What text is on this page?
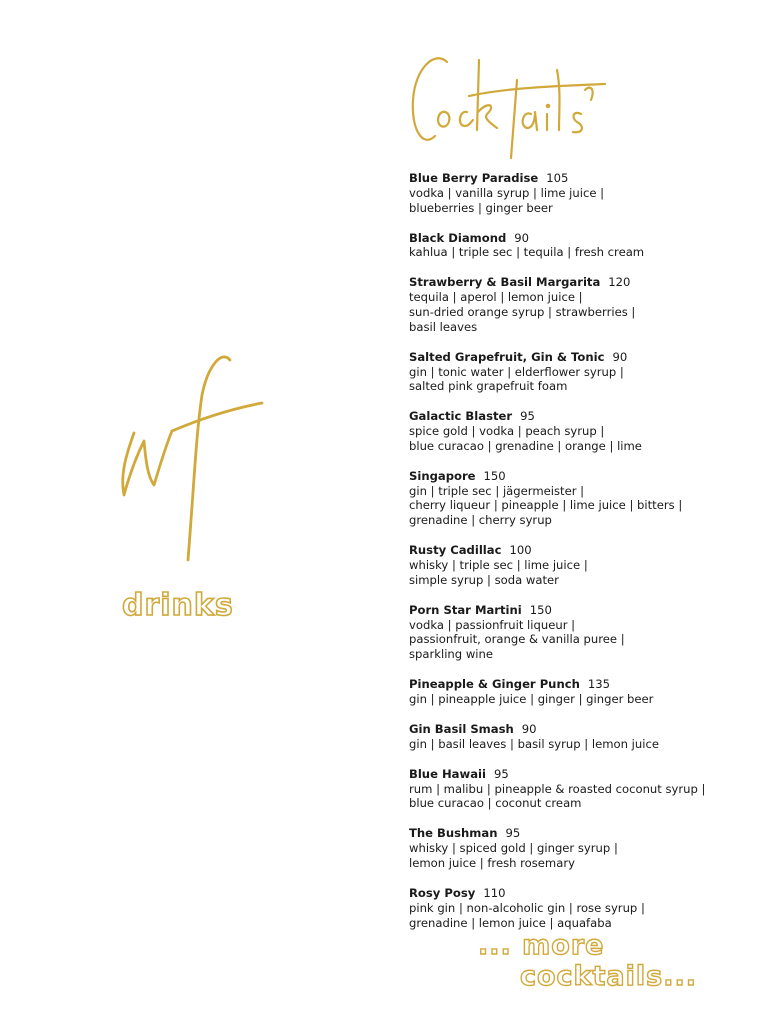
drinks
Blue Berry Paradise 105
vodka | vanilla syrup | lime juice |
blueberries | ginger beer
Black Diamond 90
kahlua | triple sec | tequila | fresh cream
Strawberry & Basil Margarita 120
tequila | aperol | lemon juice |
sun-dried orange syrup | strawberries |
basil leaves
Salted Grapefruit, Gin & Tonic 90
gin | tonic water | elderflower syrup |
salted pink grapefruit foam
Galactic Blaster 95
spice gold | vodka | peach syrup |
blue curacao | grenadine | orange | lime
Singapore 150
gin | triple sec | jägermeister |
cherry liqueur | pineapple | lime juice | bitters |
grenadine | cherry syrup
Rusty Cadillac 100
whisky | triple sec | lime juice |
simple syrup | soda water
Porn Star Martini 150
vodka | passionfruit liqueur |
passionfruit, orange & vanilla puree |
sparkling wine
Pineapple & Ginger Punch 135
gin | pineapple juice | ginger | ginger beer
Gin Basil Smash 90
gin | basil leaves | basil syrup | lemon juice
Blue Hawaii 95
rum | malibu | pineapple & roasted coconut syrup |
blue curacao | coconut cream
The Bushman 95
whisky | spiced gold | ginger syrup |
lemon juice | fresh rosemary
Rosy Posy 110
pink gin | non-alcoholic gin | rose syrup |
grenadine | lemon juice | aquafaba
... more
cocktails...
